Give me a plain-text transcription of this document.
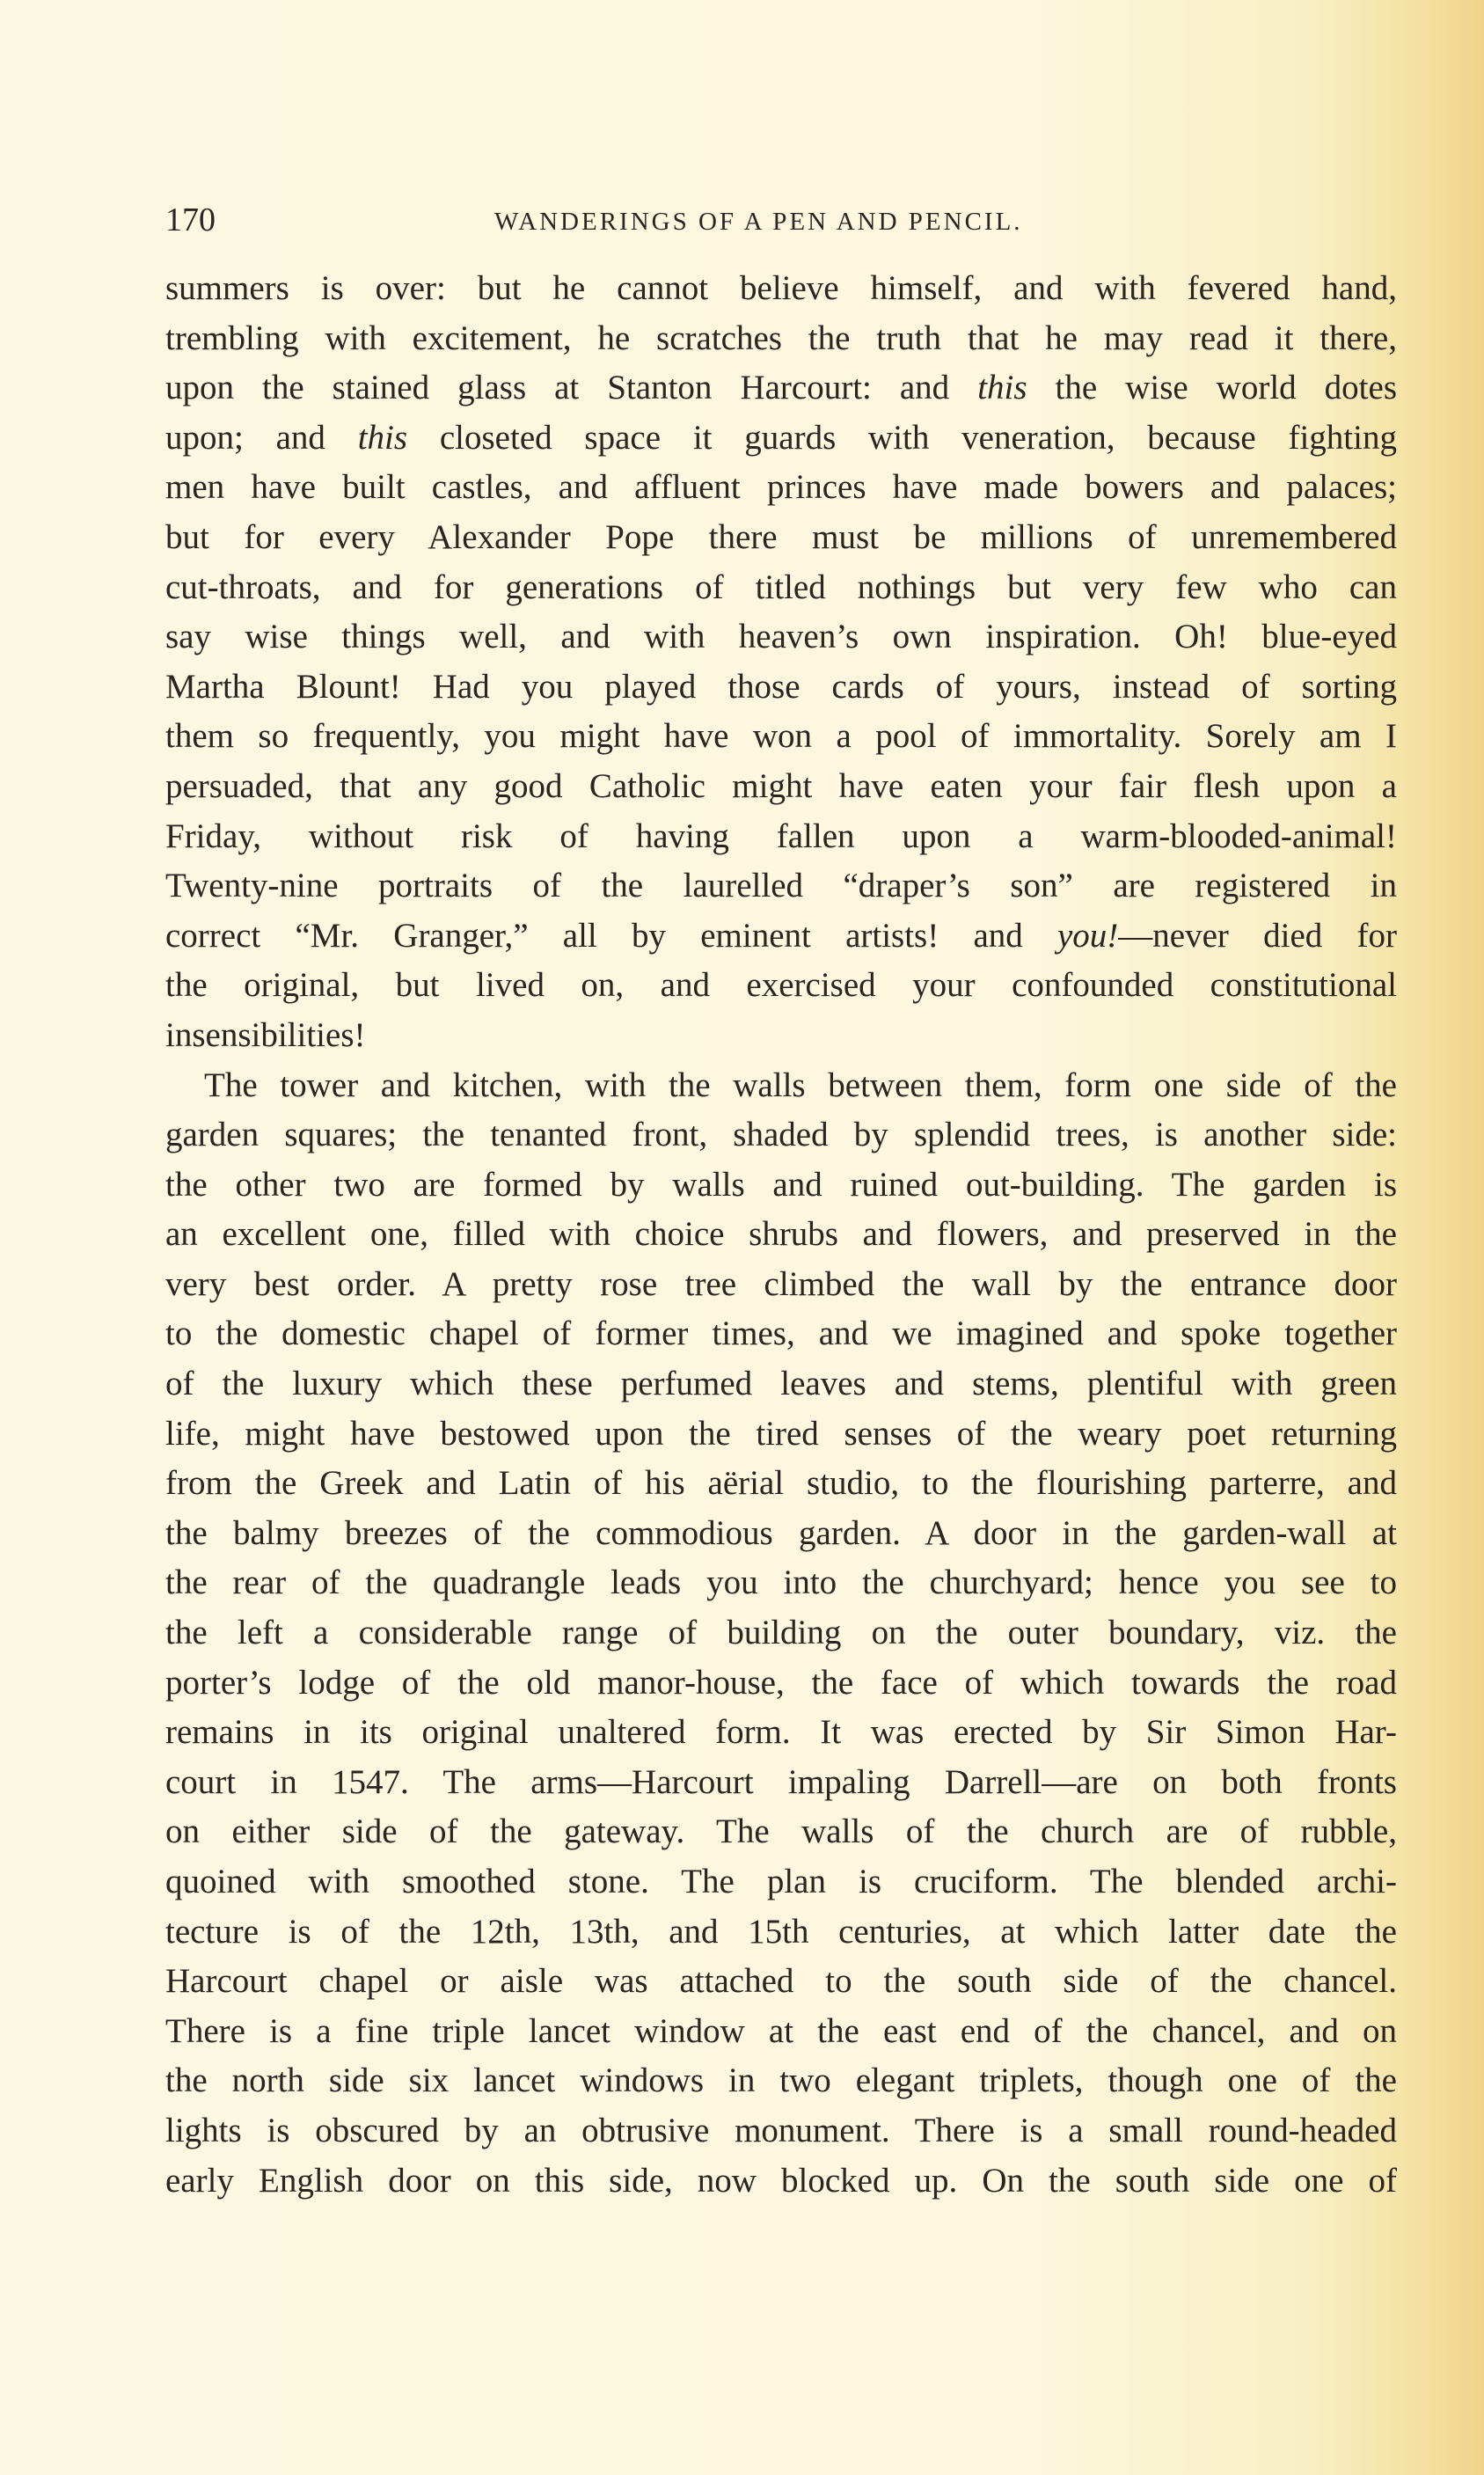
170	WANDERINGS OF A PEN AND PENCIL.
summers is over: but he cannot believe himself, and with fevered hand,
trembling with excitement, he scratches the truth that he may read it there,
upon the stained glass at Stanton Harcourt: and this the wise world dotes
upon; and this closeted space it guards with veneration, because fighting
men have built castles, and affluent princes have made bowers and palaces;
but for every Alexander Pope there must be millions of unremembered
cut-throats, and for generations of titled nothings but very few who can
say wise things well, and with heaven’s own inspiration. Oh! blue-eyed
Martha Blount! Had you played those cards of yours, instead of sorting
them so frequently, you might have won a pool of immortality. Sorely am I
persuaded, that any good Catholic might have eaten your fair flesh upon a
Friday, without risk of having fallen upon a warm-blooded-animal!
Twenty-nine portraits of the laurelled “draper’s son” are registered in
correct “Mr. Granger,” all by eminent artists! and you!—never died for
the original, but lived on, and exercised your confounded constitutional
insensibilities!
The tower and kitchen, with the walls between them, form one side of the
garden squares; the tenanted front, shaded by splendid trees, is another side:
the other two are formed by walls and ruined out-building. The garden is
an excellent one, filled with choice shrubs and flowers, and preserved in the
very best order. A pretty rose tree climbed the wall by the entrance door
to the domestic chapel of former times, and we imagined and spoke together
of the luxury which these perfumed leaves and stems, plentiful with green
life, might have bestowed upon the tired senses of the weary poet returning
from the Greek and Latin of his aërial studio, to the flourishing parterre, and
the balmy breezes of the commodious garden. A door in the garden-wall at
the rear of the quadrangle leads you into the churchyard; hence you see to
the left a considerable range of building on the outer boundary, viz. the
porter’s lodge of the old manor-house, the face of which towards the road
remains in its original unaltered form. It was erected by Sir Simon Har-
court in 1547. The arms—Harcourt impaling Darrell—are on both fronts
on either side of the gateway. The walls of the church are of rubble,
quoined with smoothed stone. The plan is cruciform. The blended archi-
tecture is of the 12th, 13th, and 15th centuries, at which latter date the
Harcourt chapel or aisle was attached to the south side of the chancel.
There is a fine triple lancet window at the east end of the chancel, and on
the north side six lancet windows in two elegant triplets, though one of the
lights is obscured by an obtrusive monument. There is a small round-headed
early English door on this side, now blocked up. On the south side one of
